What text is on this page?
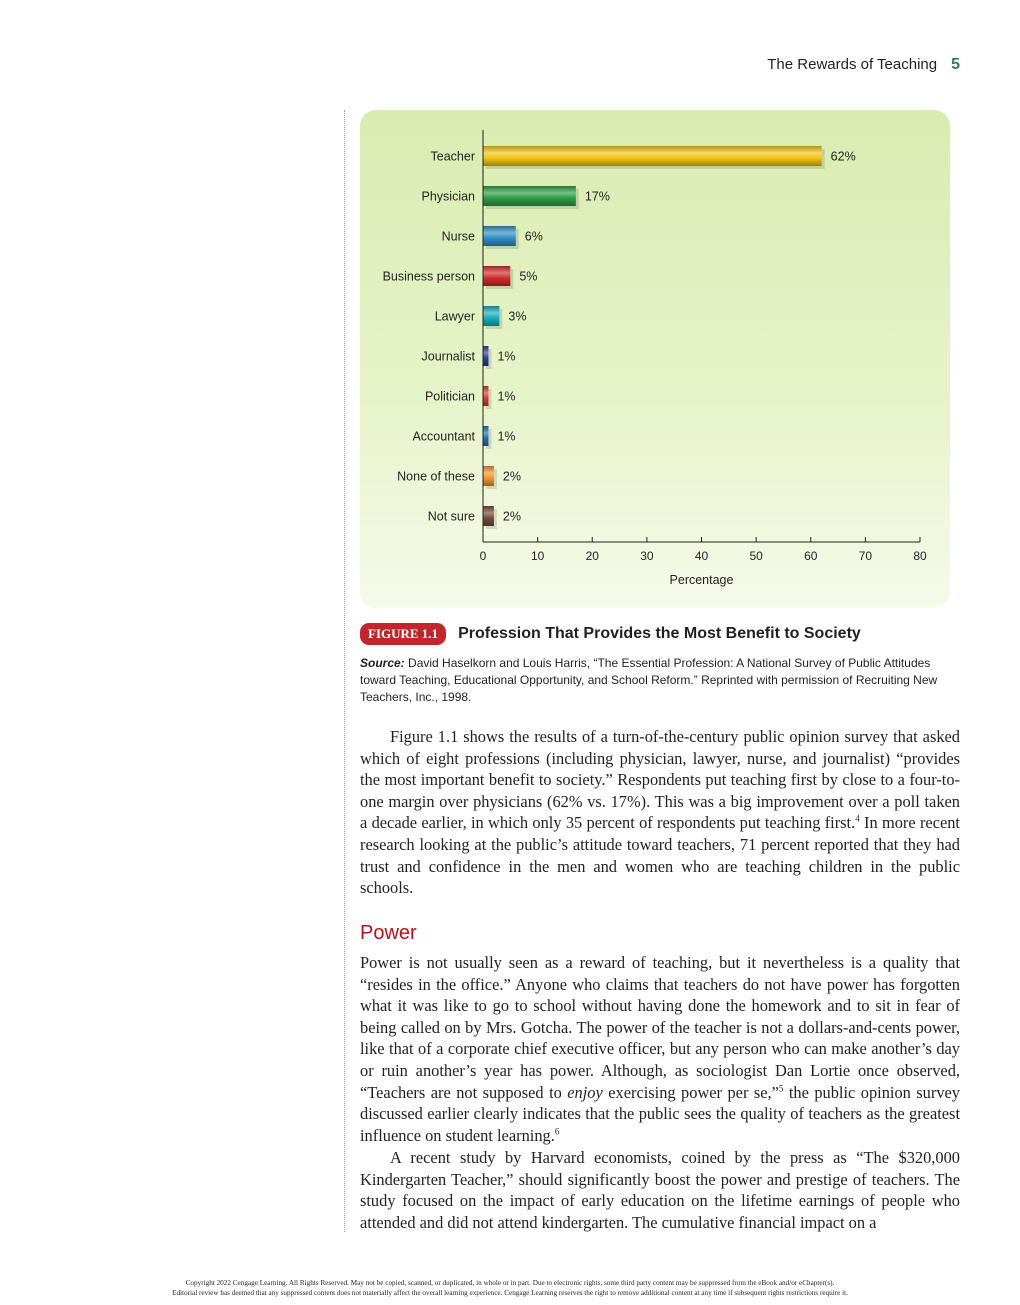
The Rewards of Teaching 5
Teacher	62%
Physician	17%
Nurse	6%
Business person	5%
Lawyer	3%
Journalist 1%
Politician 1%
Accountant 1%
None of these 2%
Not sure 2%
0	10	20	30	40	50	60	70	80
Percentage
FIGURE 1.1	Profession That Provides the Most Benefit to Society
Source: David Haselkorn and Louis Harris, “The Essential Profession: A National Survey of Public Attitudes toward Teaching, Educational Opportunity, and School Reform.” Reprinted with permission of Recruiting New Teachers, Inc., 1998.

Figure 1.1 shows the results of a turn-of-the-century public opinion survey that asked which of eight professions (including physician, lawyer, nurse, and journalist) “provides the most important benefit to society.” Respondents put teaching first by close to a four-to-one margin over physicians (62% vs. 17%). This was a big improvement over a poll taken a decade earlier, in which only 35 percent of respondents put teaching first.$^4$ In more recent research looking at the public’s attitude toward teachers, 71 percent reported that they had trust and confidence in the men and women who are teaching children in the public schools.

Power

Power is not usually seen as a reward of teaching, but it nevertheless is a quality that “resides in the office.” Anyone who claims that teachers do not have power has forgotten what it was like to go to school without having done the homework and to sit in fear of being called on by Mrs. Gotcha. The power of the teacher is not a dollars-and-cents power, like that of a corporate chief executive officer, but any person who can make another’s day or ruin another’s year has power. Although, as sociologist Dan Lortie once observed, “Teachers are not supposed to enjoy exercising power per se,”$^5$ the public opinion survey discussed earlier clearly indicates that the public sees the quality of teachers as the greatest influence on student learning.$^6$

A recent study by Harvard economists, coined by the press as “The $320,000 Kindergarten Teacher,” should significantly boost the power and prestige of teachers. The study focused on the impact of early education on the lifetime earnings of people who attended and did not attend kindergarten. The cumulative financial impact on a

Copyright 2022 Cengage Learning. All Rights Reserved. May not be copied, scanned, or duplicated, in whole or in part. Due to electronic rights, some third party content may be suppressed from the eBook and/or eChapter(s).
Editorial review has deemed that any suppressed content does not materially affect the overall learning experience. Cengage Learning reserves the right to remove additional content at any time if subsequent rights restrictions require it.
